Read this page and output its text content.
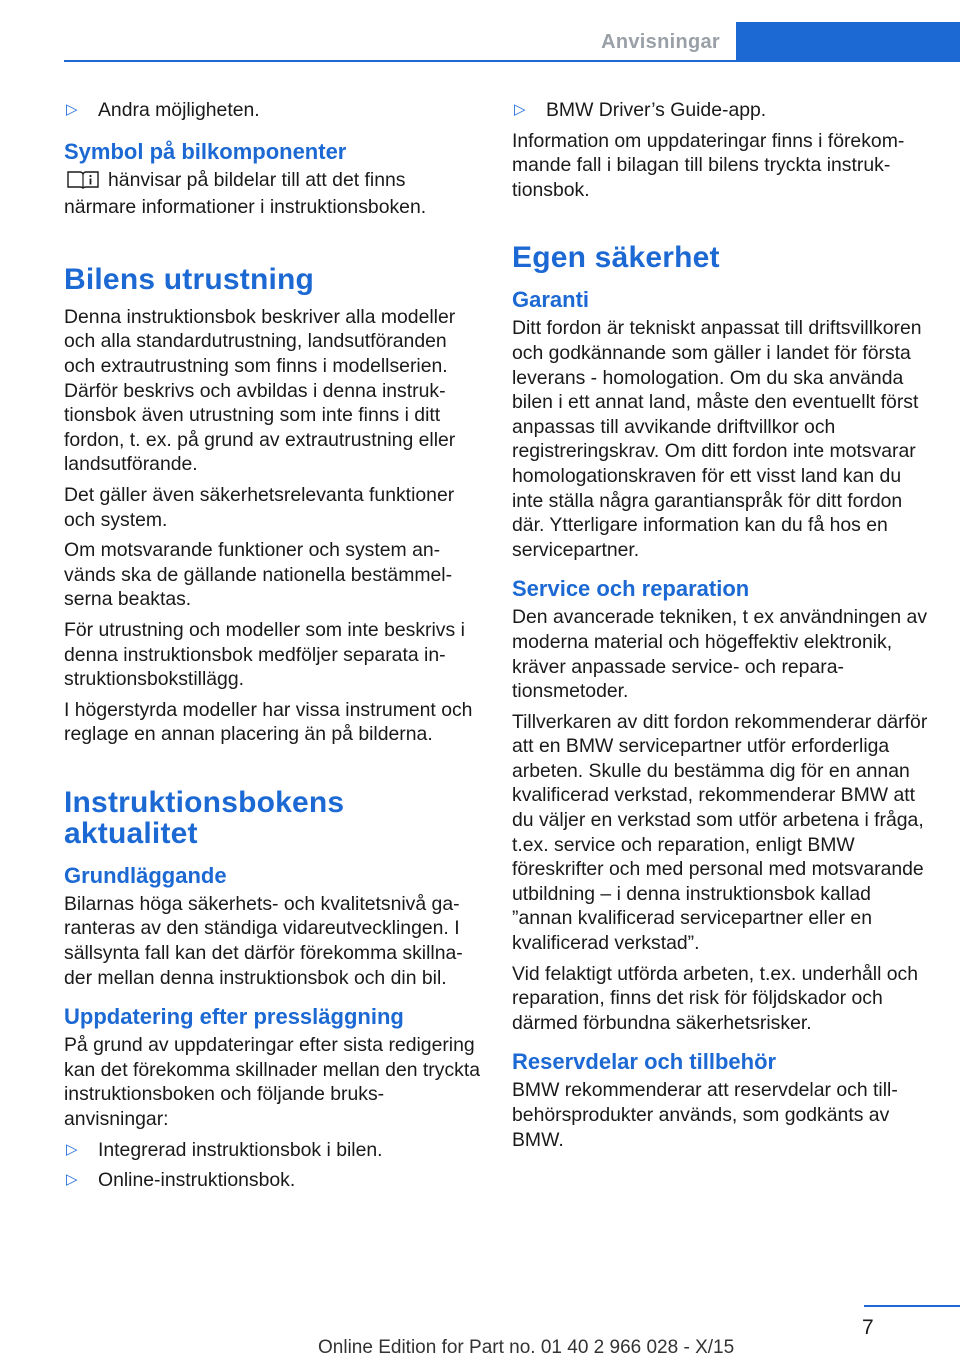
Anvisningar
▷	Andra möjligheten.
Symbol på bilkomponenter

hänvisar på bildelar till att det finns
närmare informationer i instruktionsboken.

Bilens utrustning

Denna instruktionsbok beskriver alla modeller och alla standardutrustning, landsutföranden och extrautrustning som finns i modellserien. Därför beskrivs och avbildas i denna instruktionsbok även utrustning som inte finns i ditt fordon, t. ex. på grund av extrautrustning eller landsutförande.

Det gäller även säkerhetsrelevanta funktioner och system.

Om motsvarande funktioner och system används ska de gällande nationella bestämmelserna beaktas.

För utrustning och modeller som inte beskrivs i denna instruktionsbok medföljer separata instruktionsbokstillägg.

I högerstyrda modeller har vissa instrument och reglage en annan placering än på bilderna.

Instruktionsbokens
aktualitet
Grundläggande

Bilarnas höga säkerhets- och kvalitetsnivå garanteras av den ständiga vidareutvecklingen. I sällsynta fall kan det därför förekomma skillnader mellan denna instruktionsbok och din bil.

Uppdatering efter pressläggning

På grund av uppdateringar efter sista redigering kan det förekomma skillnader mellan den tryckta instruktionsboken och följande bruksanvisningar:

▷	Integrerad instruktionsbok i bilen.
▷	Online-instruktionsbok.
▷	BMW Driver’s Guide-app.

Information om uppdateringar finns i förekommande fall i bilagan till bilens tryckta instruktionsbok.

Egen säkerhet
Garanti

Ditt fordon är tekniskt anpassat till driftsvillkoren och godkännande som gäller i landet för första leverans - homologation. Om du ska använda bilen i ett annat land, måste den eventuellt först anpassas till avvikande driftvillkor och registreringskrav. Om ditt fordon inte motsvarar homologationskraven för ett visst land kan du inte ställa några garantianspråk för ditt fordon där. Ytterligare information kan du få hos en servicepartner.

Service och reparation

Den avancerade tekniken, t ex användningen av moderna material och högeffektiv elektronik, kräver anpassade service- och reparationsmetoder.

Tillverkaren av ditt fordon rekommenderar därför att en BMW servicepartner utför erforderliga arbeten. Skulle du bestämma dig för en annan kvalificerad verkstad, rekommenderar BMW att du väljer en verkstad som utför arbetena i fråga, t.ex. service och reparation, enligt BMW föreskrifter och med personal med motsvarande utbildning – i denna instruktionsbok kallad ”annan kvalificerad servicepartner eller en kvalificerad verkstad”.

Vid felaktigt utförda arbeten, t.ex. underhåll och reparation, finns det risk för följdskador och därmed förbundna säkerhetsrisker.

Reservdelar och tillbehör

BMW rekommenderar att reservdelar och tillbehörsprodukter används, som godkänts av BMW.

7
Online Edition for Part no. 01 40 2 966 028 - X/15
